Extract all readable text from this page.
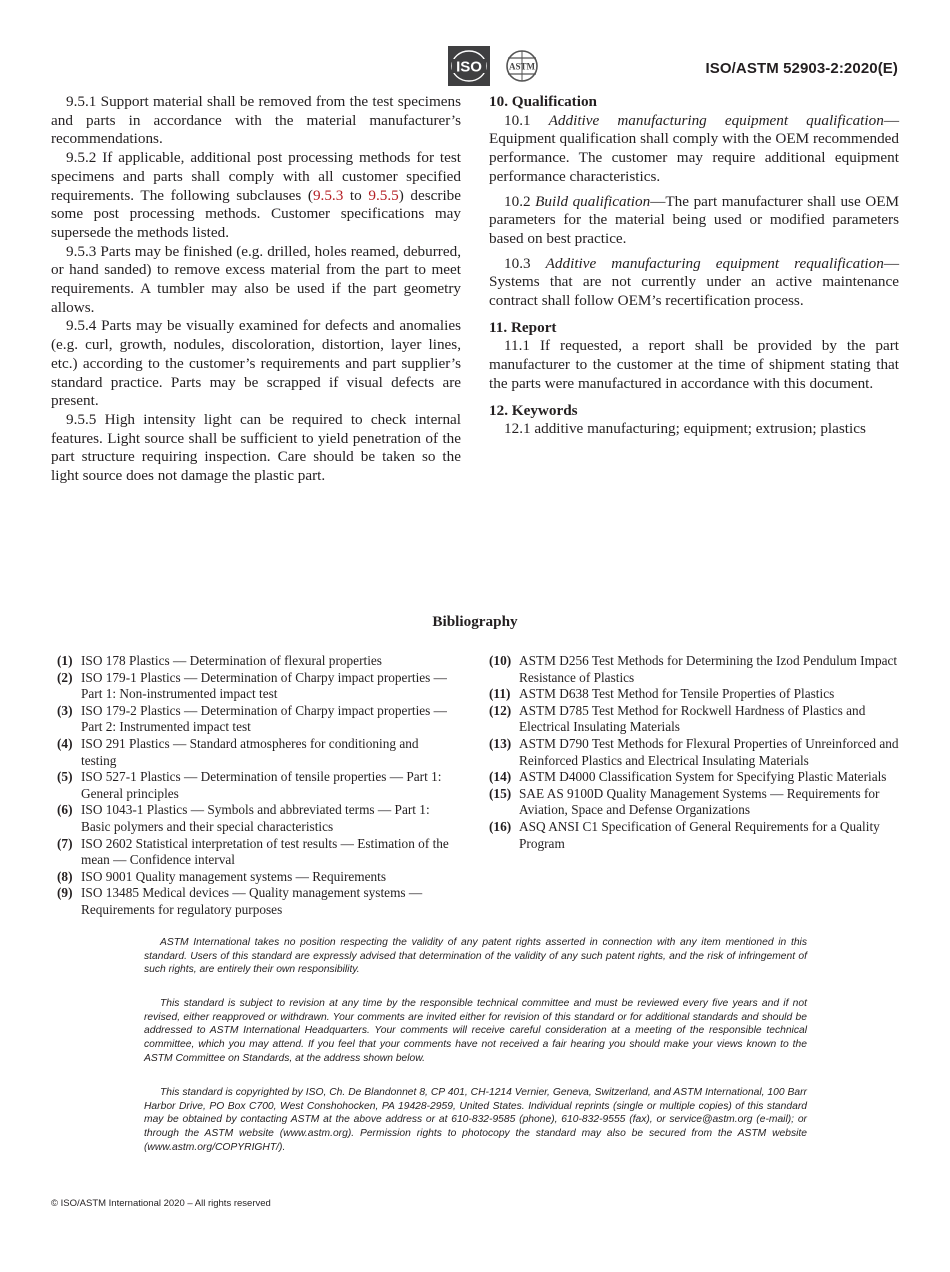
ISO	ASTM	ISO/ASTM 52903-2:2020(E)

9.5.1 Support material shall be removed from the test specimens and parts in accordance with the material manufacturer’s recommendations.

9.5.2 If applicable, additional post processing methods for test specimens and parts shall comply with all customer specified requirements. The following subclauses (9.5.3 to 9.5.5) describe some post processing methods. Customer specifications may supersede the methods listed.

9.5.3 Parts may be finished (e.g. drilled, holes reamed, deburred, or hand sanded) to remove excess material from the part to meet requirements. A tumbler may also be used if the part geometry allows.

9.5.4 Parts may be visually examined for defects and anomalies (e.g. curl, growth, nodules, discoloration, distortion, layer lines, etc.) according to the customer’s requirements and part supplier’s standard practice. Parts may be scrapped if visual defects are present.

9.5.5 High intensity light can be required to check internal features. Light source shall be sufficient to yield penetration of the part structure requiring inspection. Care should be taken so the light source does not damage the plastic part.

10. Qualification

10.1 Additive manufacturing equipment qualification—Equipment qualification shall comply with the OEM recommended performance. The customer may require additional equipment performance characteristics.

10.2 Build qualification—The part manufacturer shall use OEM parameters for the material being used or modified parameters based on best practice.

10.3 Additive manufacturing equipment requalification—Systems that are not currently under an active maintenance contract shall follow OEM’s recertification process.

11. Report

11.1 If requested, a report shall be provided by the part manufacturer to the customer at the time of shipment stating that the parts were manufactured in accordance with this document.

12. Keywords

12.1 additive manufacturing; equipment; extrusion; plastics

Bibliography
(1) ISO 178 Plastics — Determination of flexural properties
(2) ISO 179-1 Plastics — Determination of Charpy impact properties — Part 1: Non-instrumented impact test
(3) ISO 179-2 Plastics — Determination of Charpy impact properties — Part 2: Instrumented impact test
(4) ISO 291 Plastics — Standard atmospheres for conditioning and testing
(5) ISO 527-1 Plastics — Determination of tensile properties — Part 1: General principles
(6) ISO 1043-1 Plastics — Symbols and abbreviated terms — Part 1: Basic polymers and their special characteristics
(7) ISO 2602 Statistical interpretation of test results — Estimation of the mean — Confidence interval
(8) ISO 9001 Quality management systems — Requirements
(9) ISO 13485 Medical devices — Quality management systems — Requirements for regulatory purposes
(10) ASTM D256 Test Methods for Determining the Izod Pendulum Impact Resistance of Plastics
(11) ASTM D638 Test Method for Tensile Properties of Plastics
(12) ASTM D785 Test Method for Rockwell Hardness of Plastics and Electrical Insulating Materials
(13) ASTM D790 Test Methods for Flexural Properties of Unreinforced and Reinforced Plastics and Electrical Insulating Materials
(14) ASTM D4000 Classification System for Specifying Plastic Materials
(15) SAE AS 9100D Quality Management Systems — Requirements for Aviation, Space and Defense Organizations
(16) ASQ ANSI C1 Specification of General Requirements for a Quality Program

ASTM International takes no position respecting the validity of any patent rights asserted in connection with any item mentioned in this standard. Users of this standard are expressly advised that determination of the validity of any such patent rights, and the risk of infringement of such rights, are entirely their own responsibility.

This standard is subject to revision at any time by the responsible technical committee and must be reviewed every five years and if not revised, either reapproved or withdrawn. Your comments are invited either for revision of this standard or for additional standards and should be addressed to ASTM International Headquarters. Your comments will receive careful consideration at a meeting of the responsible technical committee, which you may attend. If you feel that your comments have not received a fair hearing you should make your views known to the ASTM Committee on Standards, at the address shown below.

This standard is copyrighted by ISO, Ch. De Blandonnet 8, CP 401, CH-1214 Vernier, Geneva, Switzerland, and ASTM International, 100 Barr Harbor Drive, PO Box C700, West Conshohocken, PA 19428-2959, United States. Individual reprints (single or multiple copies) of this standard may be obtained by contacting ASTM at the above address or at 610-832-9585 (phone), 610-832-9555 (fax), or service@astm.org (e-mail); or through the ASTM website (www.astm.org). Permission rights to photocopy the standard may also be secured from the ASTM website (www.astm.org/COPYRIGHT/).

© ISO/ASTM International 2020 – All rights reserved
